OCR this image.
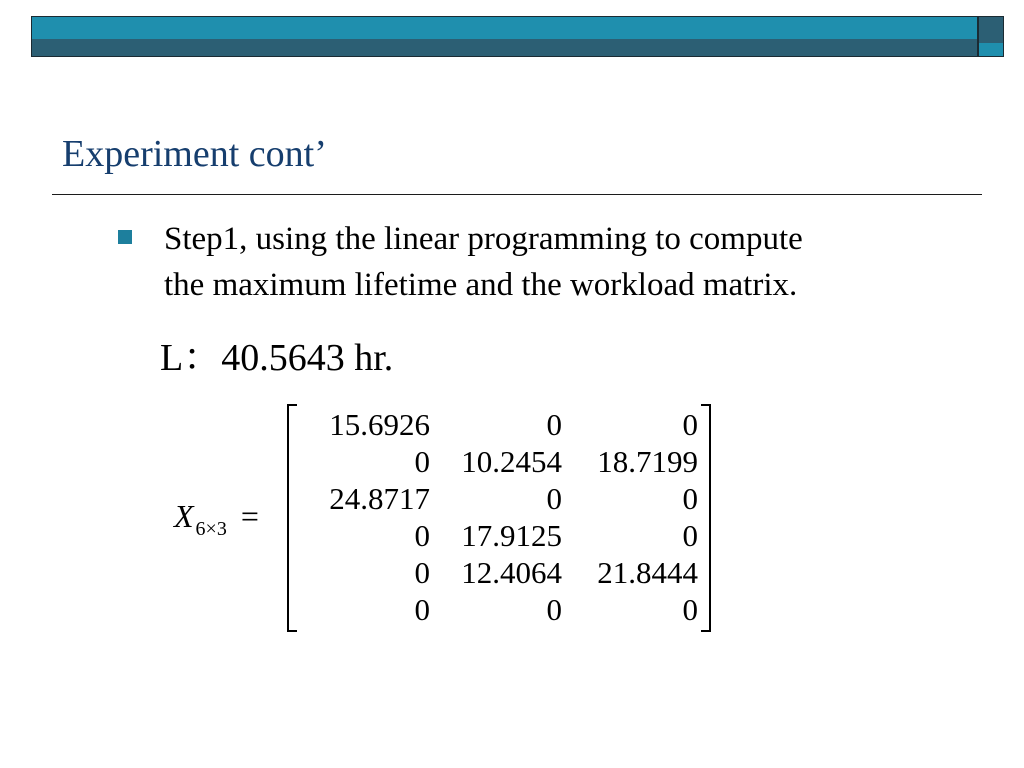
Experiment cont’
Step1, using the linear programming to compute
the maximum lifetime and the workload matrix.
L：40.5643 hr.
X $_{6\times 3}$ =
15.6926	0	0
0	10.2454	18.7199
24.8717	0	0
0	17.9125	0
0	12.4064	21.8444
0	0	0
